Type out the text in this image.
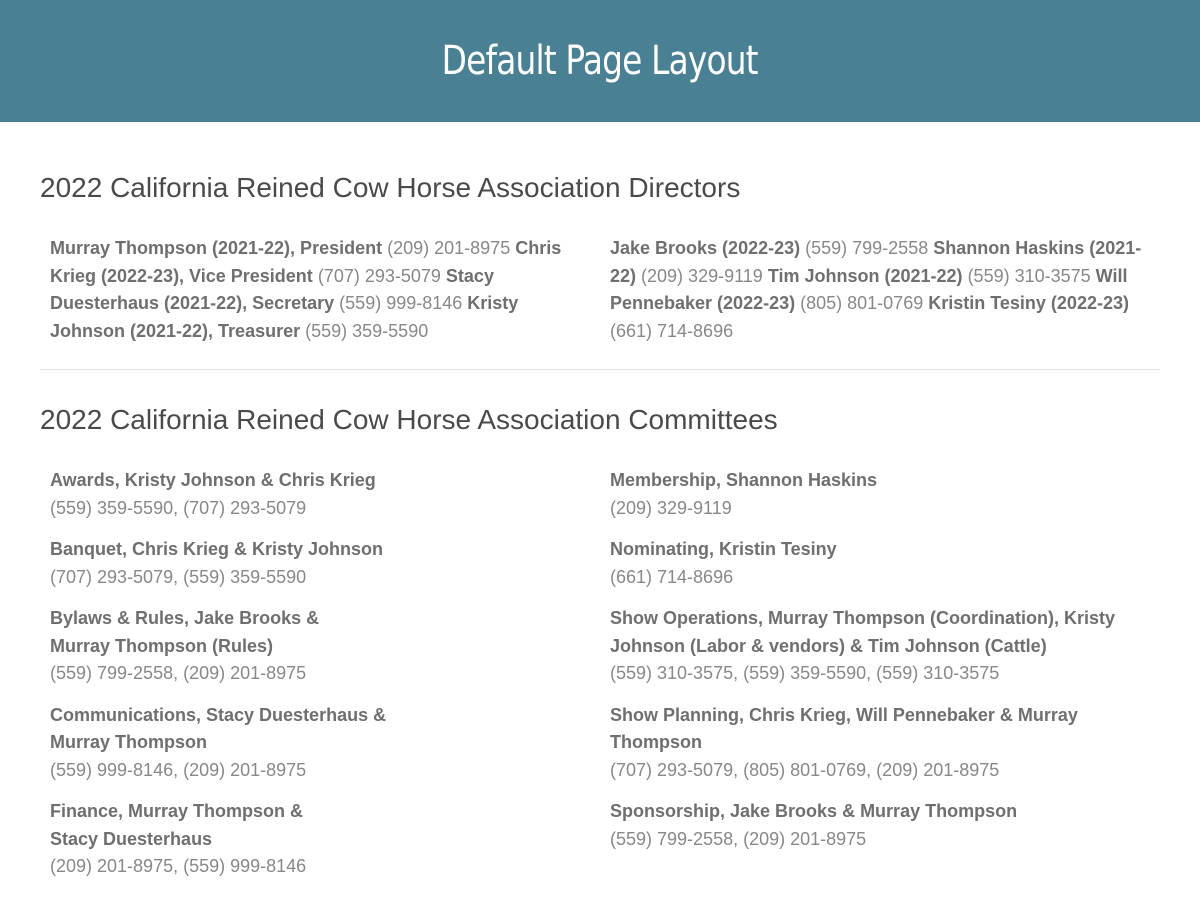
Default Page Layout
2022 California Reined Cow Horse Association Directors

Murray Thompson (2021-22), President (209) 201-8975 Chris Krieg (2022-23), Vice President (707) 293-5079 Stacy Duesterhaus (2021-22), Secretary (559) 999-8146 Kristy Johnson (2021-22), Treasurer (559) 359-5590

Jake Brooks (2022-23) (559) 799-2558 Shannon Haskins (2021-22) (209) 329-9119 Tim Johnson (2021-22) (559) 310-3575 Will Pennebaker (2022-23) (805) 801-0769 Kristin Tesiny (2022-23) (661) 714-8696

2022 California Reined Cow Horse Association Committees
Awards, Kristy Johnson & Chris Krieg
(559) 359-5590, (707) 293-5079
Banquet, Chris Krieg & Kristy Johnson
(707) 293-5079, (559) 359-5590
Bylaws & Rules, Jake Brooks &
Murray Thompson (Rules)
(559) 799-2558, (209) 201-8975
Communications, Stacy Duesterhaus &
Murray Thompson
(559) 999-8146, (209) 201-8975
Finance, Murray Thompson &
Stacy Duesterhaus
(209) 201-8975, (559) 999-8146
Membership, Shannon Haskins
(209) 329-9119
Nominating, Kristin Tesiny
(661) 714-8696
Show Operations, Murray Thompson (Coordination), Kristy
Johnson (Labor & vendors) & Tim Johnson (Cattle)
(559) 310-3575, (559) 359-5590, (559) 310-3575
Show Planning, Chris Krieg, Will Pennebaker & Murray Thompson
(707) 293-5079, (805) 801-0769, (209) 201-8975
Sponsorship, Jake Brooks & Murray Thompson
(559) 799-2558, (209) 201-8975
